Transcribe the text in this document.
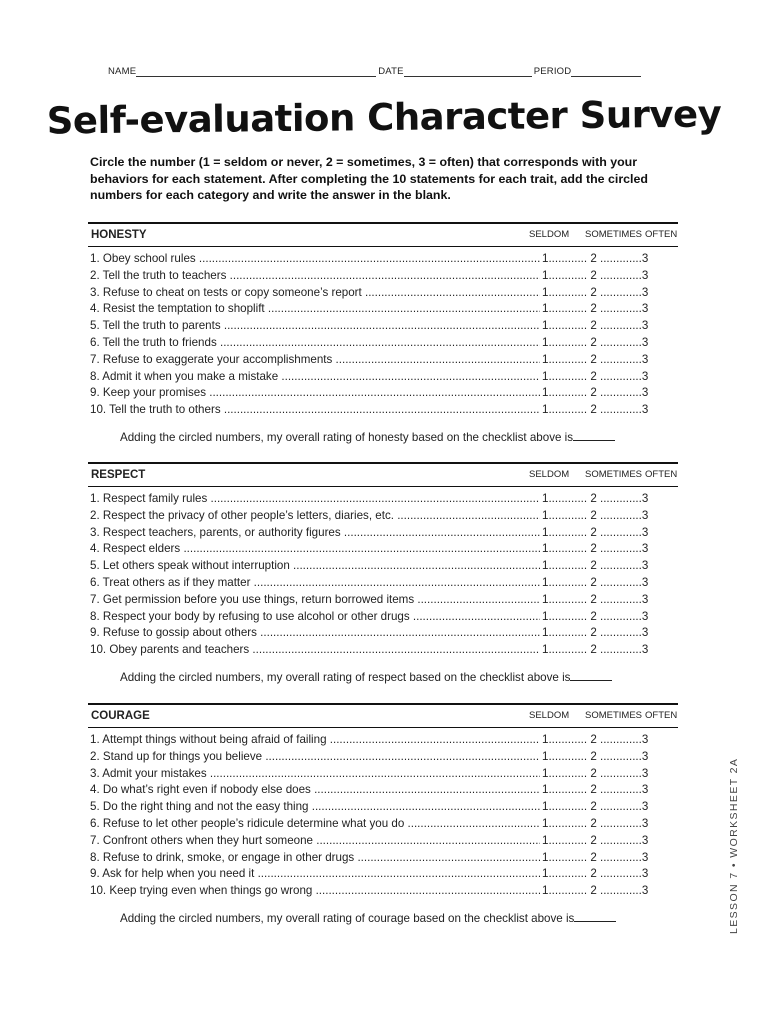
NAME	DATE	PERIOD
Self-evaluation Character Survey
Circle the number (1 = seldom or never, 2 = sometimes, 3 = often) that corresponds with your behaviors for each statement. After completing the 10 statements for each trait, add the circled numbers for each category and write the answer in the blank.
HONESTY	SELDOM SOMETIMES OFTEN
1. Obey school rules .....	1............ 2 .............3
2. Tell the truth to teachers .....	1............ 2 .............3
3. Refuse to cheat on tests or copy someone’s report .....	1............ 2 .............3
4. Resist the temptation to shoplift .....	1............ 2 .............3
5. Tell the truth to parents .....	1............ 2 .............3
6. Tell the truth to friends .....	1............ 2 .............3
7. Refuse to exaggerate your accomplishments .....	1............ 2 .............3
8. Admit it when you make a mistake .....	1............ 2 .............3
9. Keep your promises .....	1............ 2 .............3
10. Tell the truth to others .....	1............ 2 .............3
Adding the circled numbers, my overall rating of honesty based on the checklist above is
RESPECT	SELDOM SOMETIMES OFTEN
1. Respect family rules .....	1............ 2 .............3
2. Respect the privacy of other people’s letters, diaries, etc. .....	1............ 2 .............3
3. Respect teachers, parents, or authority figures .....	1............ 2 .............3
4. Respect elders .....	1............ 2 .............3
5. Let others speak without interruption .....	1............ 2 .............3
6. Treat others as if they matter .....	1............ 2 .............3
7. Get permission before you use things, return borrowed items .....	1............ 2 .............3
8. Respect your body by refusing to use alcohol or other drugs .....	1............ 2 .............3
9. Refuse to gossip about others .....	1............ 2 .............3
10. Obey parents and teachers .....	1............ 2 .............3
Adding the circled numbers, my overall rating of respect based on the checklist above is
COURAGE	SELDOM SOMETIMES OFTEN
1. Attempt things without being afraid of failing .....	1............ 2 .............3
2. Stand up for things you believe .....	1............ 2 .............3
3. Admit your mistakes .....	1............ 2 .............3
4. Do what’s right even if nobody else does .....	1............ 2 .............3
5. Do the right thing and not the easy thing .....	1............ 2 .............3
6. Refuse to let other people’s ridicule determine what you do .....	1............ 2 .............3
7. Confront others when they hurt someone .....	1............ 2 .............3
8. Refuse to drink, smoke, or engage in other drugs .....	1............ 2 .............3
9. Ask for help when you need it .....	1............ 2 .............3
10. Keep trying even when things go wrong .....	1............ 2 .............3
Adding the circled numbers, my overall rating of courage based on the checklist above is	LESSON 7 • WORKSHEET 2A
